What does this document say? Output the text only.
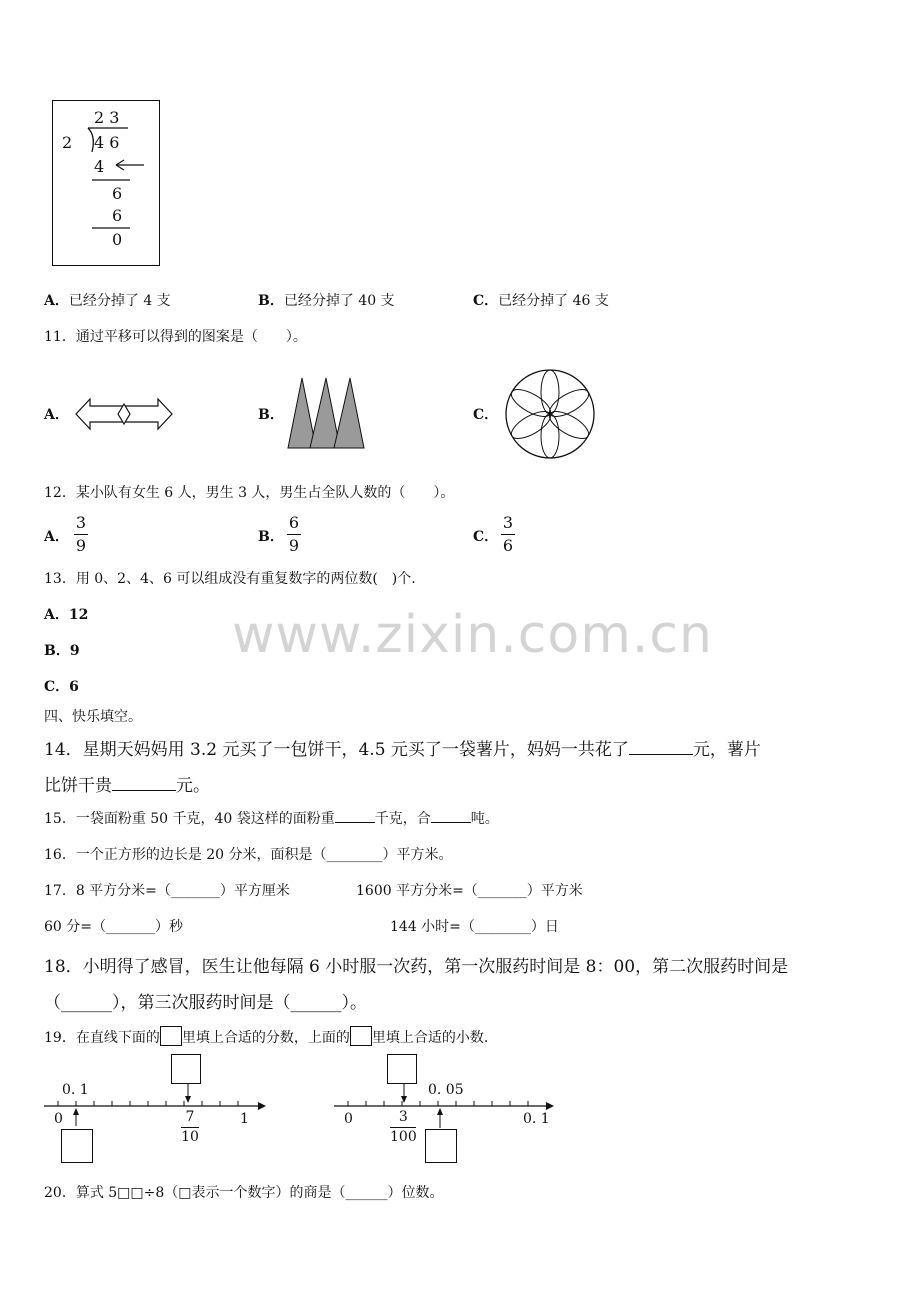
2 3
2 4 6
4
6
6
0
A．已经分掉了 4 支	B．已经分掉了 40 支	C．已经分掉了 46 支
11．通过平移可以得到的图案是（　　）。
A．	B．	C．
12．某小队有女生 6 人，男生 3 人，男生占全队人数的（　　）。
A．
3
9	B．
6
9	C．
3
6
13．用 0、2、4、6 可以组成没有重复数字的两位数(　)个.
A．12
B．9
C．6
www.zixin.com.cn
四、快乐填空。
14．星期天妈妈用 3.2 元买了一包饼干，4.5 元买了一袋薯片，妈妈一共花了	元，薯片
比饼干贵	元。
15．一袋面粉重 50 千克，40 袋这样的面粉重	千克，合	吨。
16．一个正方形的边长是 20 分米，面积是（________）平方米。
17．8 平方分米=（_______）平方厘米	1600 平方分米=（_______）平方米
60 分=（_______）秒	144 小时=（________）日
18．小明得了感冒，医生让他每隔 6 小时服一次药，第一次服药时间是 8：00，第二次服药时间是
（______），第三次服药时间是（______）。
19．在直线下面的 里填上合适的分数，上面的 里填上合适的小数.
0. 1
0	7
10
1	0
0. 05
3
100
0. 1
20．算式 5□□÷8（□表示一个数字）的商是（______）位数。
